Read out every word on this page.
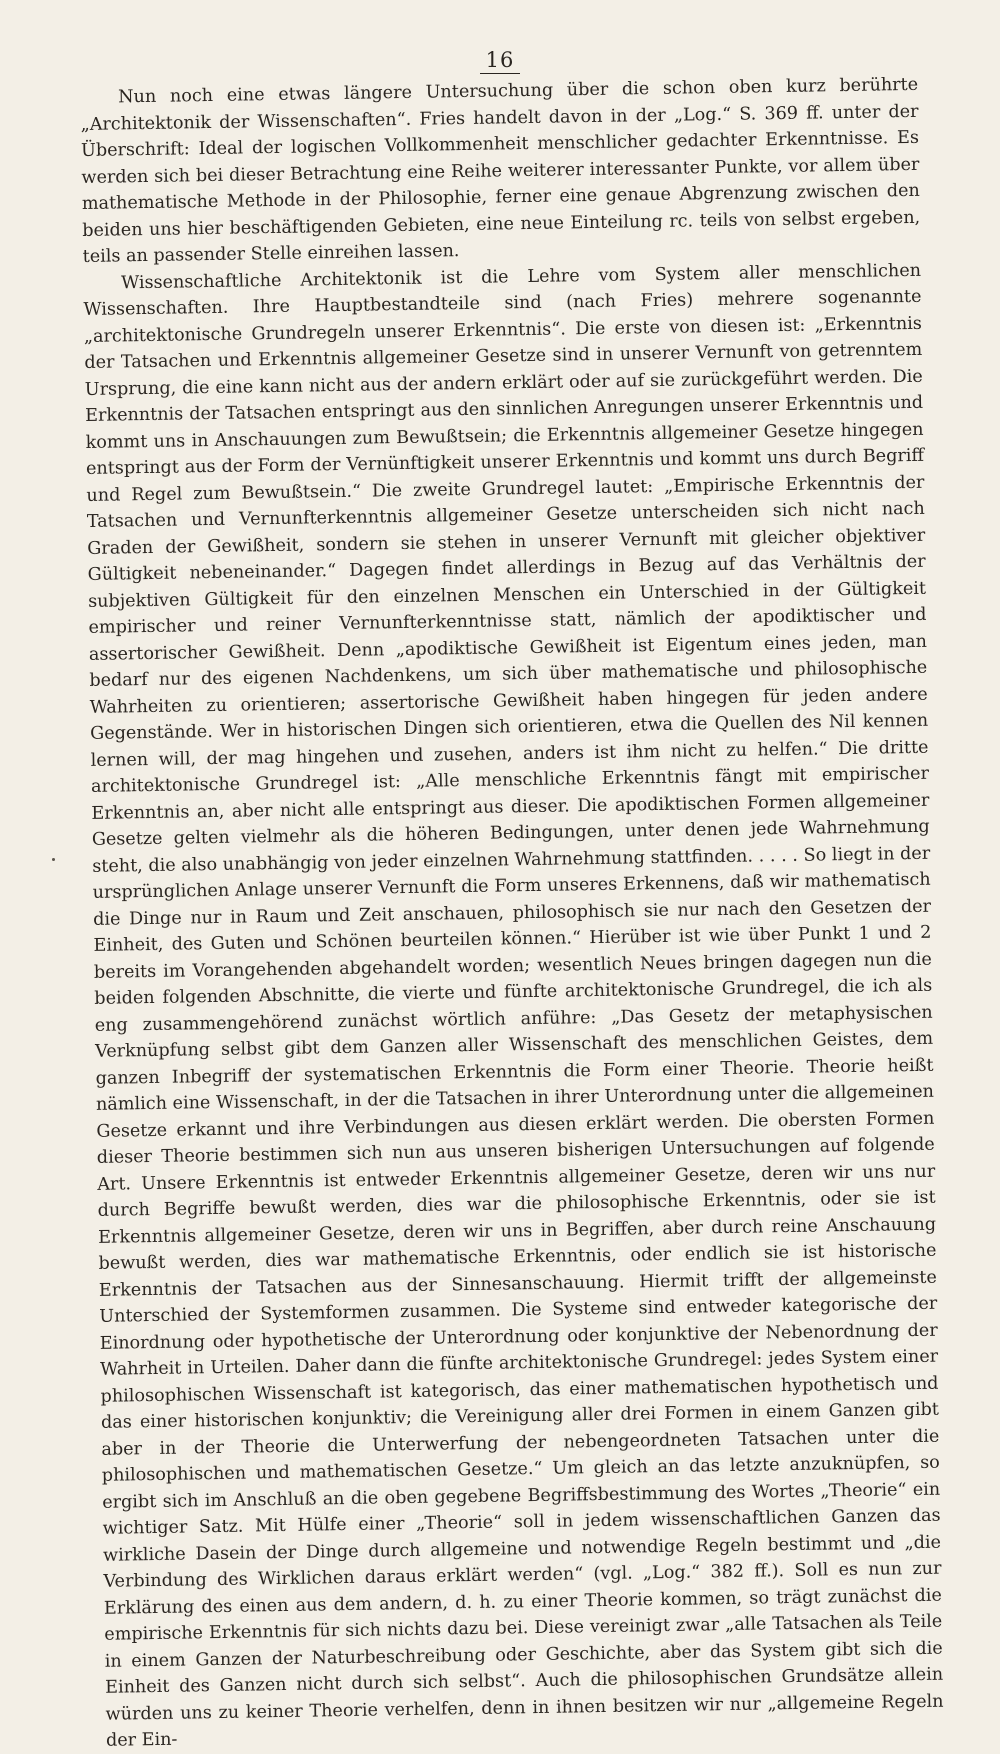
16

Nun noch eine etwas längere Untersuchung über die schon oben kurz berührte „Architektonik der Wissenschaften“. Fries handelt davon in der „Log.“ S. 369 ff. unter der Überschrift: Ideal der logischen Vollkommenheit menschlicher gedachter Erkenntnisse. Es werden sich bei dieser Betrachtung eine Reihe weiterer interessanter Punkte, vor allem über mathematische Methode in der Philosophie, ferner eine genaue Abgrenzung zwischen den beiden uns hier beschäftigenden Gebieten, eine neue Einteilung rc. teils von selbst ergeben, teils an passender Stelle einreihen lassen.

Wissenschaftliche Architektonik ist die Lehre vom System aller menschlichen Wissenschaften. Ihre Hauptbestandteile sind (nach Fries) mehrere sogenannte „architektonische Grundregeln unserer Erkenntnis“. Die erste von diesen ist: „Erkenntnis der Tatsachen und Erkenntnis allgemeiner Gesetze sind in unserer Vernunft von getrenntem Ursprung, die eine kann nicht aus der andern erklärt oder auf sie zurückgeführt werden. Die Erkenntnis der Tatsachen entspringt aus den sinnlichen Anregungen unserer Erkenntnis und kommt uns in Anschauungen zum Bewußtsein; die Erkenntnis allgemeiner Gesetze hingegen entspringt aus der Form der Vernünftigkeit unserer Erkenntnis und kommt uns durch Begriff und Regel zum Bewußtsein.“ Die zweite Grundregel lautet: „Empirische Erkenntnis der Tatsachen und Vernunfterkenntnis allgemeiner Gesetze unterscheiden sich nicht nach Graden der Gewißheit, sondern sie stehen in unserer Vernunft mit gleicher objektiver Gültigkeit nebeneinander.“ Dagegen findet allerdings in Bezug auf das Verhältnis der subjektiven Gültigkeit für den einzelnen Menschen ein Unterschied in der Gültigkeit empirischer und reiner Vernunfterkenntnisse statt, nämlich der apodiktischer und assertorischer Gewißheit. Denn „apodiktische Gewißheit ist Eigentum eines jeden, man bedarf nur des eigenen Nachdenkens, um sich über mathematische und philosophische Wahrheiten zu orientieren; assertorische Gewißheit haben hingegen für jeden andere Gegenstände. Wer in historischen Dingen sich orientieren, etwa die Quellen des Nil kennen lernen will, der mag hingehen und zusehen, anders ist ihm nicht zu helfen.“ Die dritte architektonische Grundregel ist: „Alle menschliche Erkenntnis fängt mit empirischer Erkenntnis an, aber nicht alle entspringt aus dieser. Die apodiktischen Formen allgemeiner Gesetze gelten vielmehr als die höheren Bedingungen, unter denen jede Wahrnehmung steht, die also unabhängig von jeder einzelnen Wahrnehmung stattfinden. . . . . So liegt in der ursprünglichen Anlage unserer Vernunft die Form unseres Erkennens, daß wir mathematisch die Dinge nur in Raum und Zeit anschauen, philosophisch sie nur nach den Gesetzen der Einheit, des Guten und Schönen beurteilen können.“ Hierüber ist wie über Punkt 1 und 2 bereits im Vorangehenden abgehandelt worden; wesentlich Neues bringen dagegen nun die beiden folgenden Abschnitte, die vierte und fünfte architektonische Grundregel, die ich als eng zusammengehörend zunächst wörtlich anführe: „Das Gesetz der metaphysischen Verknüpfung selbst gibt dem Ganzen aller Wissenschaft des menschlichen Geistes, dem ganzen Inbegriff der systematischen Erkenntnis die Form einer Theorie. Theorie heißt nämlich eine Wissenschaft, in der die Tatsachen in ihrer Unterordnung unter die allgemeinen Gesetze erkannt und ihre Verbindungen aus diesen erklärt werden. Die obersten Formen dieser Theorie bestimmen sich nun aus unseren bisherigen Untersuchungen auf folgende Art. Unsere Erkenntnis ist entweder Erkenntnis allgemeiner Gesetze, deren wir uns nur durch Begriffe bewußt werden, dies war die philosophische Erkenntnis, oder sie ist Erkenntnis allgemeiner Gesetze, deren wir uns in Begriffen, aber durch reine Anschauung bewußt werden, dies war mathematische Erkenntnis, oder endlich sie ist historische Erkenntnis der Tatsachen aus der Sinnesanschauung. Hiermit trifft der allgemeinste Unterschied der Systemformen zusammen. Die Systeme sind entweder kategorische der Einordnung oder hypothetische der Unterordnung oder konjunktive der Nebenordnung der Wahrheit in Urteilen. Daher dann die fünfte architektonische Grundregel: jedes System einer philosophischen Wissenschaft ist kategorisch, das einer mathematischen hypothetisch und das einer historischen konjunktiv; die Vereinigung aller drei Formen in einem Ganzen gibt aber in der Theorie die Unterwerfung der nebengeordneten Tatsachen unter die philosophischen und mathematischen Gesetze.“ Um gleich an das letzte anzuknüpfen, so ergibt sich im Anschluß an die oben gegebene Begriffsbestimmung des Wortes „Theorie“ ein wichtiger Satz. Mit Hülfe einer „Theorie“ soll in jedem wissenschaftlichen Ganzen das wirkliche Dasein der Dinge durch allgemeine und notwendige Regeln bestimmt und „die Verbindung des Wirklichen daraus erklärt werden“ (vgl. „Log.“ 382 ff.). Soll es nun zur Erklärung des einen aus dem andern, d. h. zu einer Theorie kommen, so trägt zunächst die empirische Erkenntnis für sich nichts dazu bei. Diese vereinigt zwar „alle Tatsachen als Teile in einem Ganzen der Naturbeschreibung oder Geschichte, aber das System gibt sich die Einheit des Ganzen nicht durch sich selbst“. Auch die philosophischen Grundsätze allein würden uns zu keiner Theorie verhelfen, denn in ihnen besitzen wir nur „allgemeine Regeln der Ein-
